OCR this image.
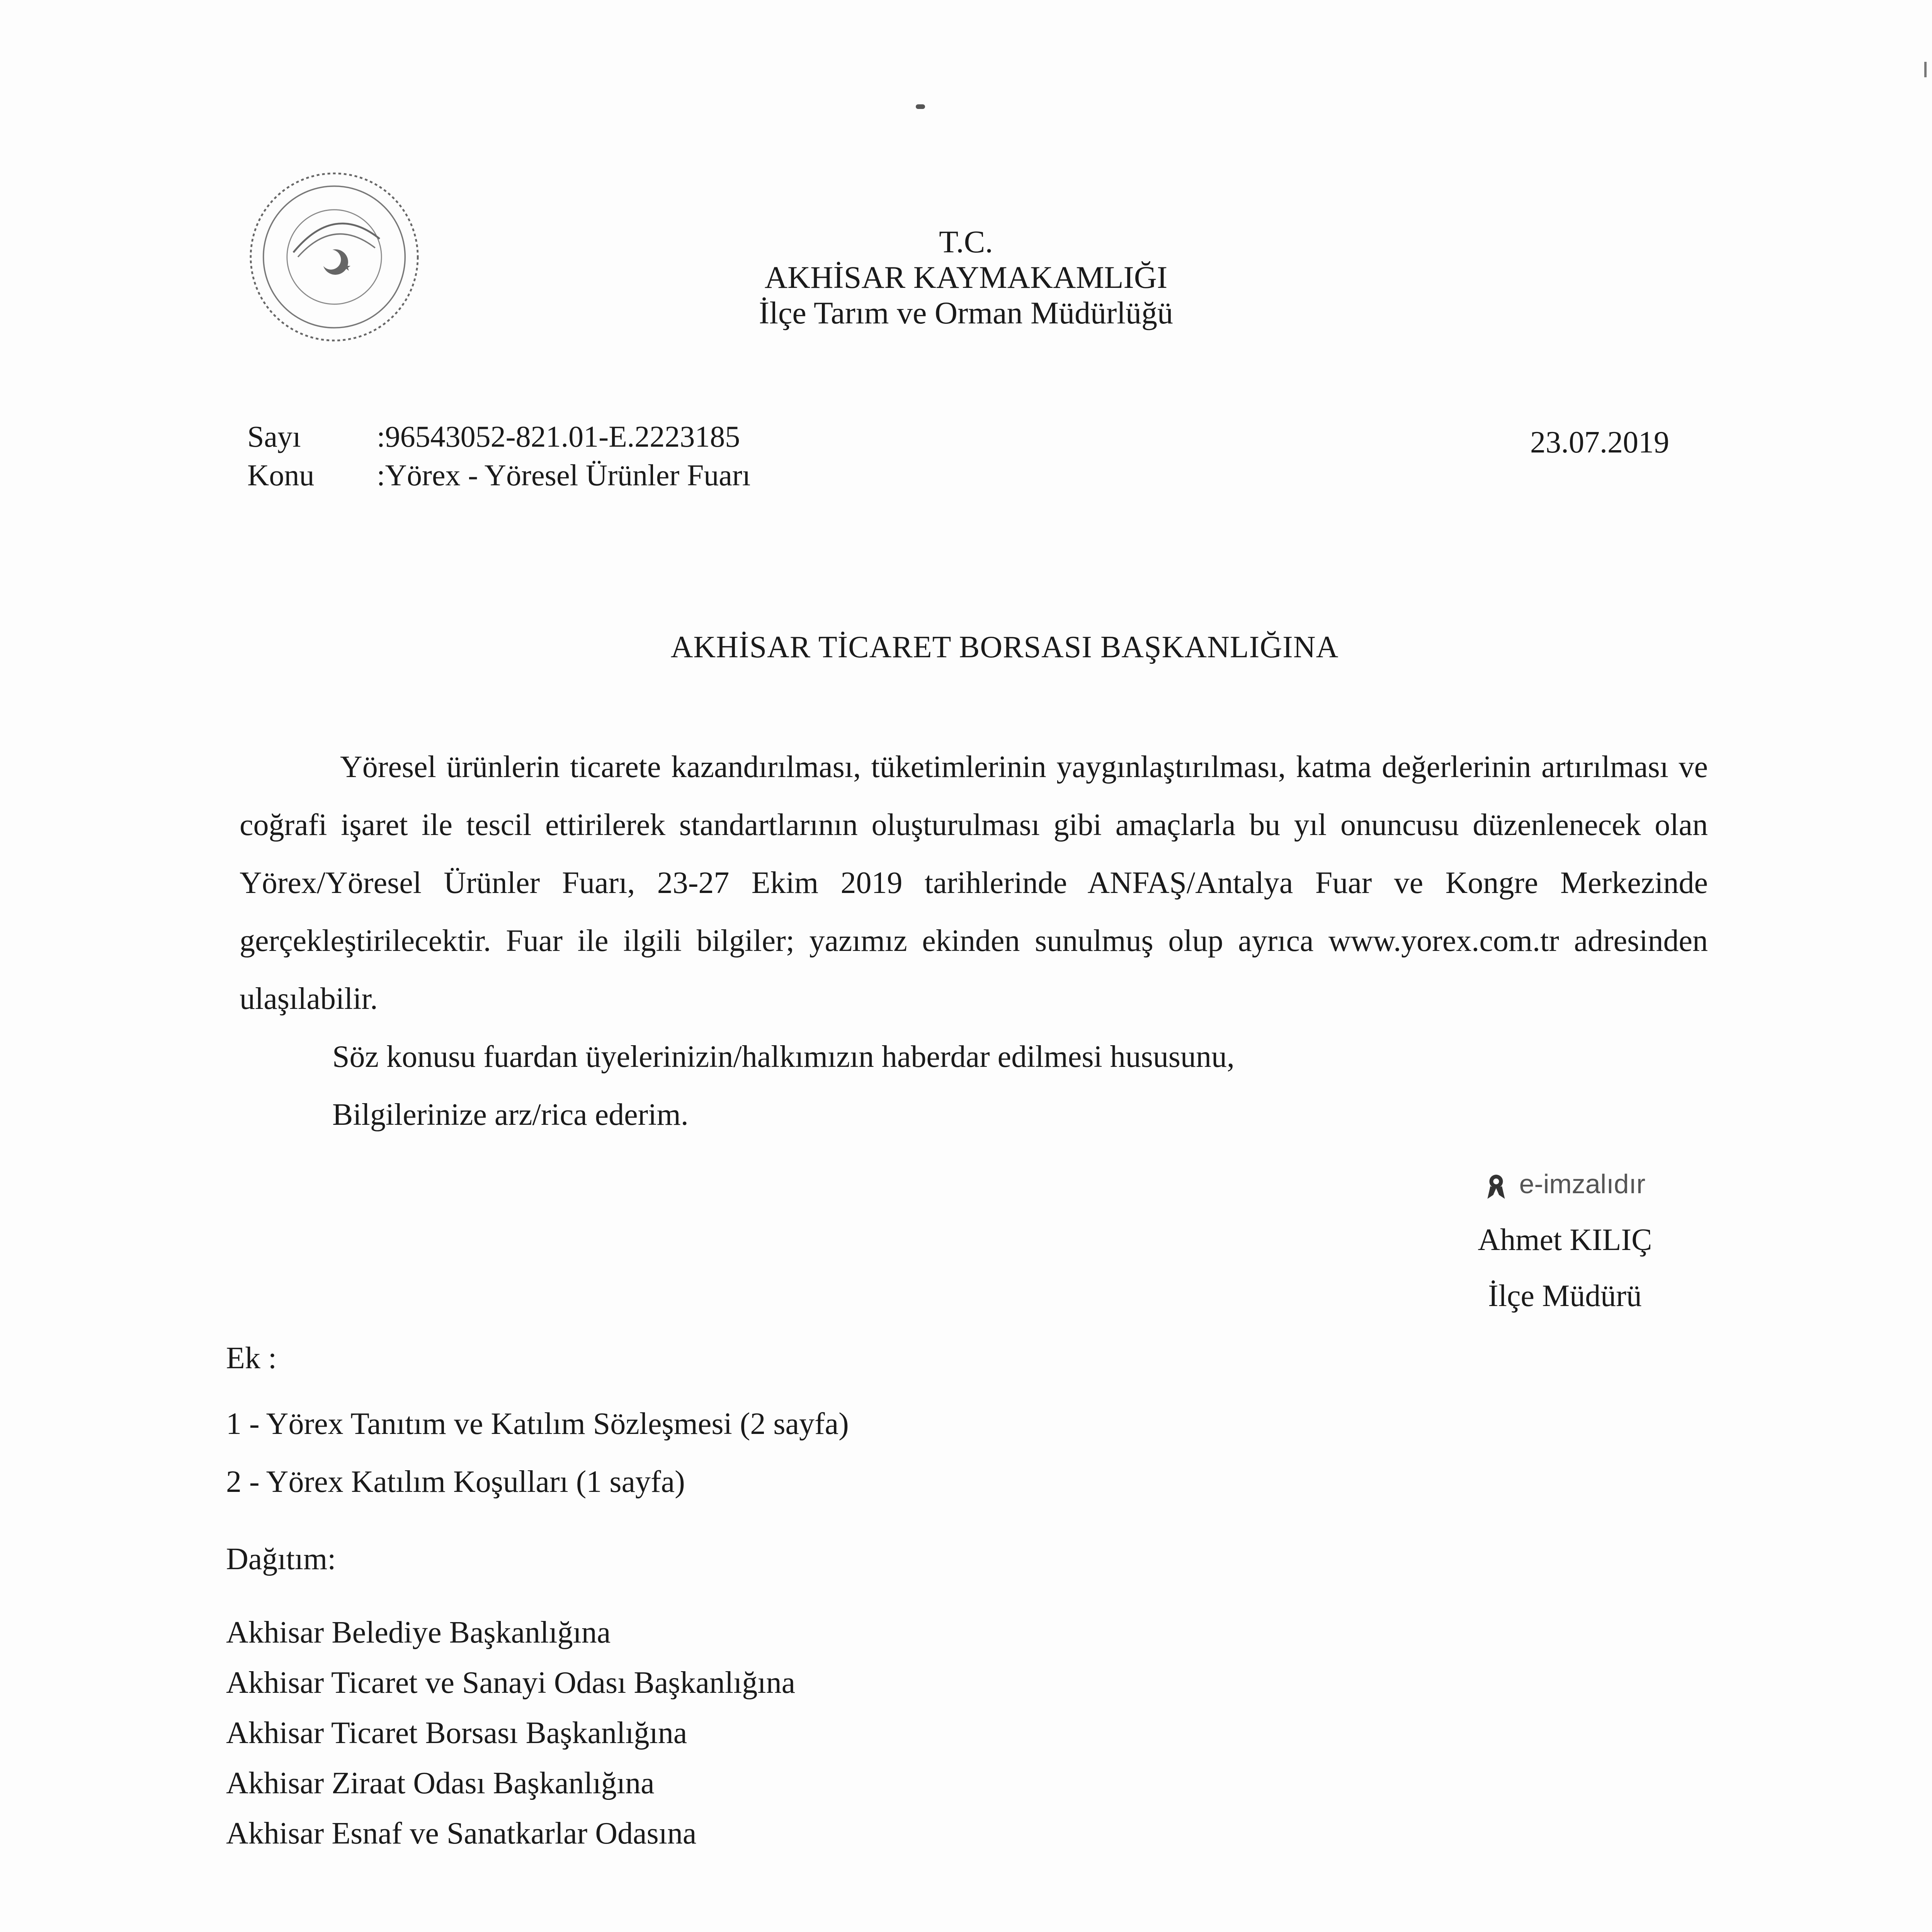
★
T.C.
AKHİSAR KAYMAKAMLIĞI
İlçe Tarım ve Orman Müdürlüğü
Sayı	:96543052-821.01-E.2223185
Konu :Yörex - Yöresel Ürünler Fuarı
23.07.2019
AKHİSAR TİCARET BORSASI BAŞKANLIĞINA

Yöresel ürünlerin ticarete kazandırılması, tüketimlerinin yaygınlaştırılması, katma değerlerinin artırılması ve coğrafi işaret ile tescil ettirilerek standartlarının oluşturulması gibi amaçlarla bu yıl onuncusu düzenlenecek olan Yörex/Yöresel Ürünler Fuarı, 23-27 Ekim 2019 tarihlerinde ANFAŞ/Antalya Fuar ve Kongre Merkezinde gerçekleştirilecektir. Fuar ile ilgili bilgiler; yazımız ekinden sunulmuş olup ayrıca www.yorex.com.tr adresinden ulaşılabilir.

Söz konusu fuardan üyelerinizin/halkımızın haberdar edilmesi hususunu,

Bilgilerinize arz/rica ederim.

e-imzalıdır
Ahmet KILIÇ
İlçe Müdürü
Ek :
1 - Yörex Tanıtım ve Katılım Sözleşmesi (2 sayfa)
2 - Yörex Katılım Koşulları (1 sayfa)
Dağıtım:
Akhisar Belediye Başkanlığına
Akhisar Ticaret ve Sanayi Odası Başkanlığına
Akhisar Ticaret Borsası Başkanlığına
Akhisar Ziraat Odası Başkanlığına
Akhisar Esnaf ve Sanatkarlar Odasına
